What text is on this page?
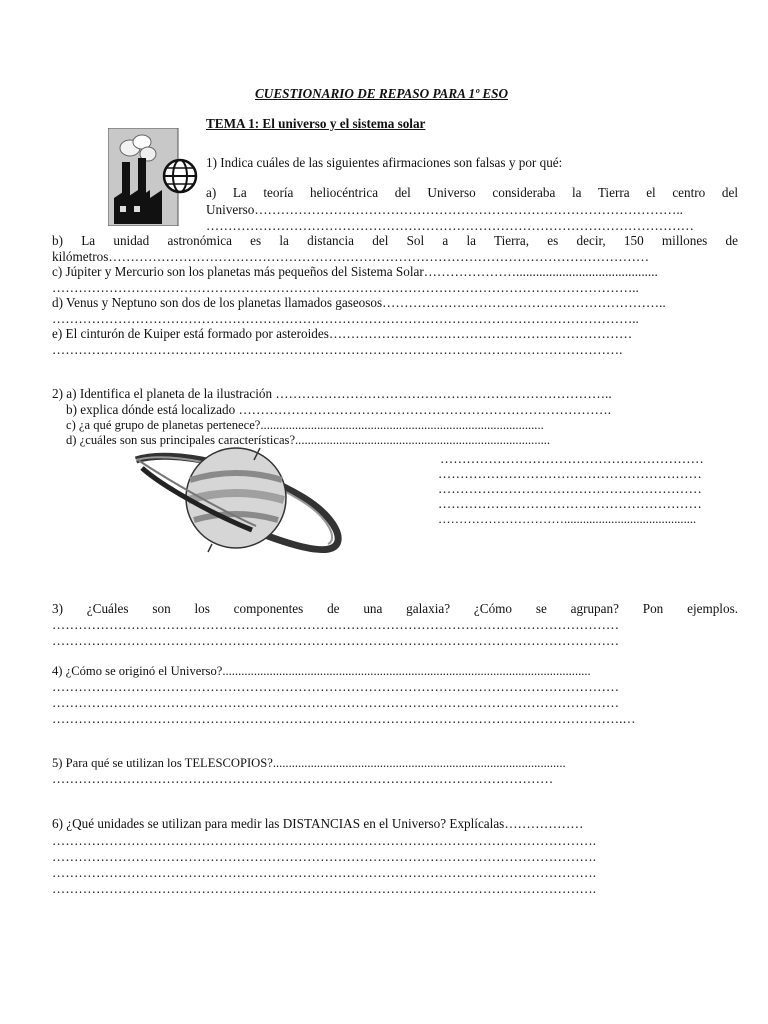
CUESTIONARIO DE REPASO PARA 1º ESO
TEMA 1: El universo y el sistema solar
1) Indica cuáles de las siguientes afirmaciones son falsas y por qué:
a) La teoría heliocéntrica del Universo consideraba la Tierra el centro del
Universo……………………………………………………………………………………..
…………………………………………………………………………………………………
b) La unidad astronómica es la distancia del Sol a la Tierra, es decir, 150 millones de
kilómetros……………………………………………………………………………………………………………
c) Júpiter y Mercurio son los planetas más pequeños del Sistema Solar…………………...........................................
……………………………………………………………………………………………………………………..
d) Venus y Neptuno son dos de los planetas llamados gaseosos………………………………………………………..
……………………………………………………………………………………………………………………..
e) El cinturón de Kuiper está formado por asteroides……………………………………………………………
………………………………………………………………………………………………………………….
2) a) Identifica el planeta de la ilustración …………………………………………………………………..
b) explica dónde está localizado ………………………………………………………………………….
c) ¿a qué grupo de planetas pertenece?..........................................................................................
d) ¿cuáles son sus principales características?.................................................................................
……………………………………………………
……………………………………………………
……………………………………………………
……………………………………………………
…………………………..........................................
3) ¿Cuáles son los componentes de una galaxia? ¿Cómo se agrupan? Pon ejemplos.
…………………………………………………………………………………………………………………
…………………………………………………………………………………………………………………
4) ¿Cómo se originó el Universo?.....................................................................................................................
…………………………………………………………………………………………………………………
…………………………………………………………………………………………………………………
………………………………………………………………………………………………………………….…
5) Para qué se utilizan los TELESCOPIOS?.............................................................................................
……………………………………………………………………………………………………
6) ¿Qué unidades se utilizan para medir las DISTANCIAS en el Universo? Explícalas………………
…………………………………………………………………………………………………………….
…………………………………………………………………………………………………………….
…………………………………………………………………………………………………………….
…………………………………………………………………………………………………………….
